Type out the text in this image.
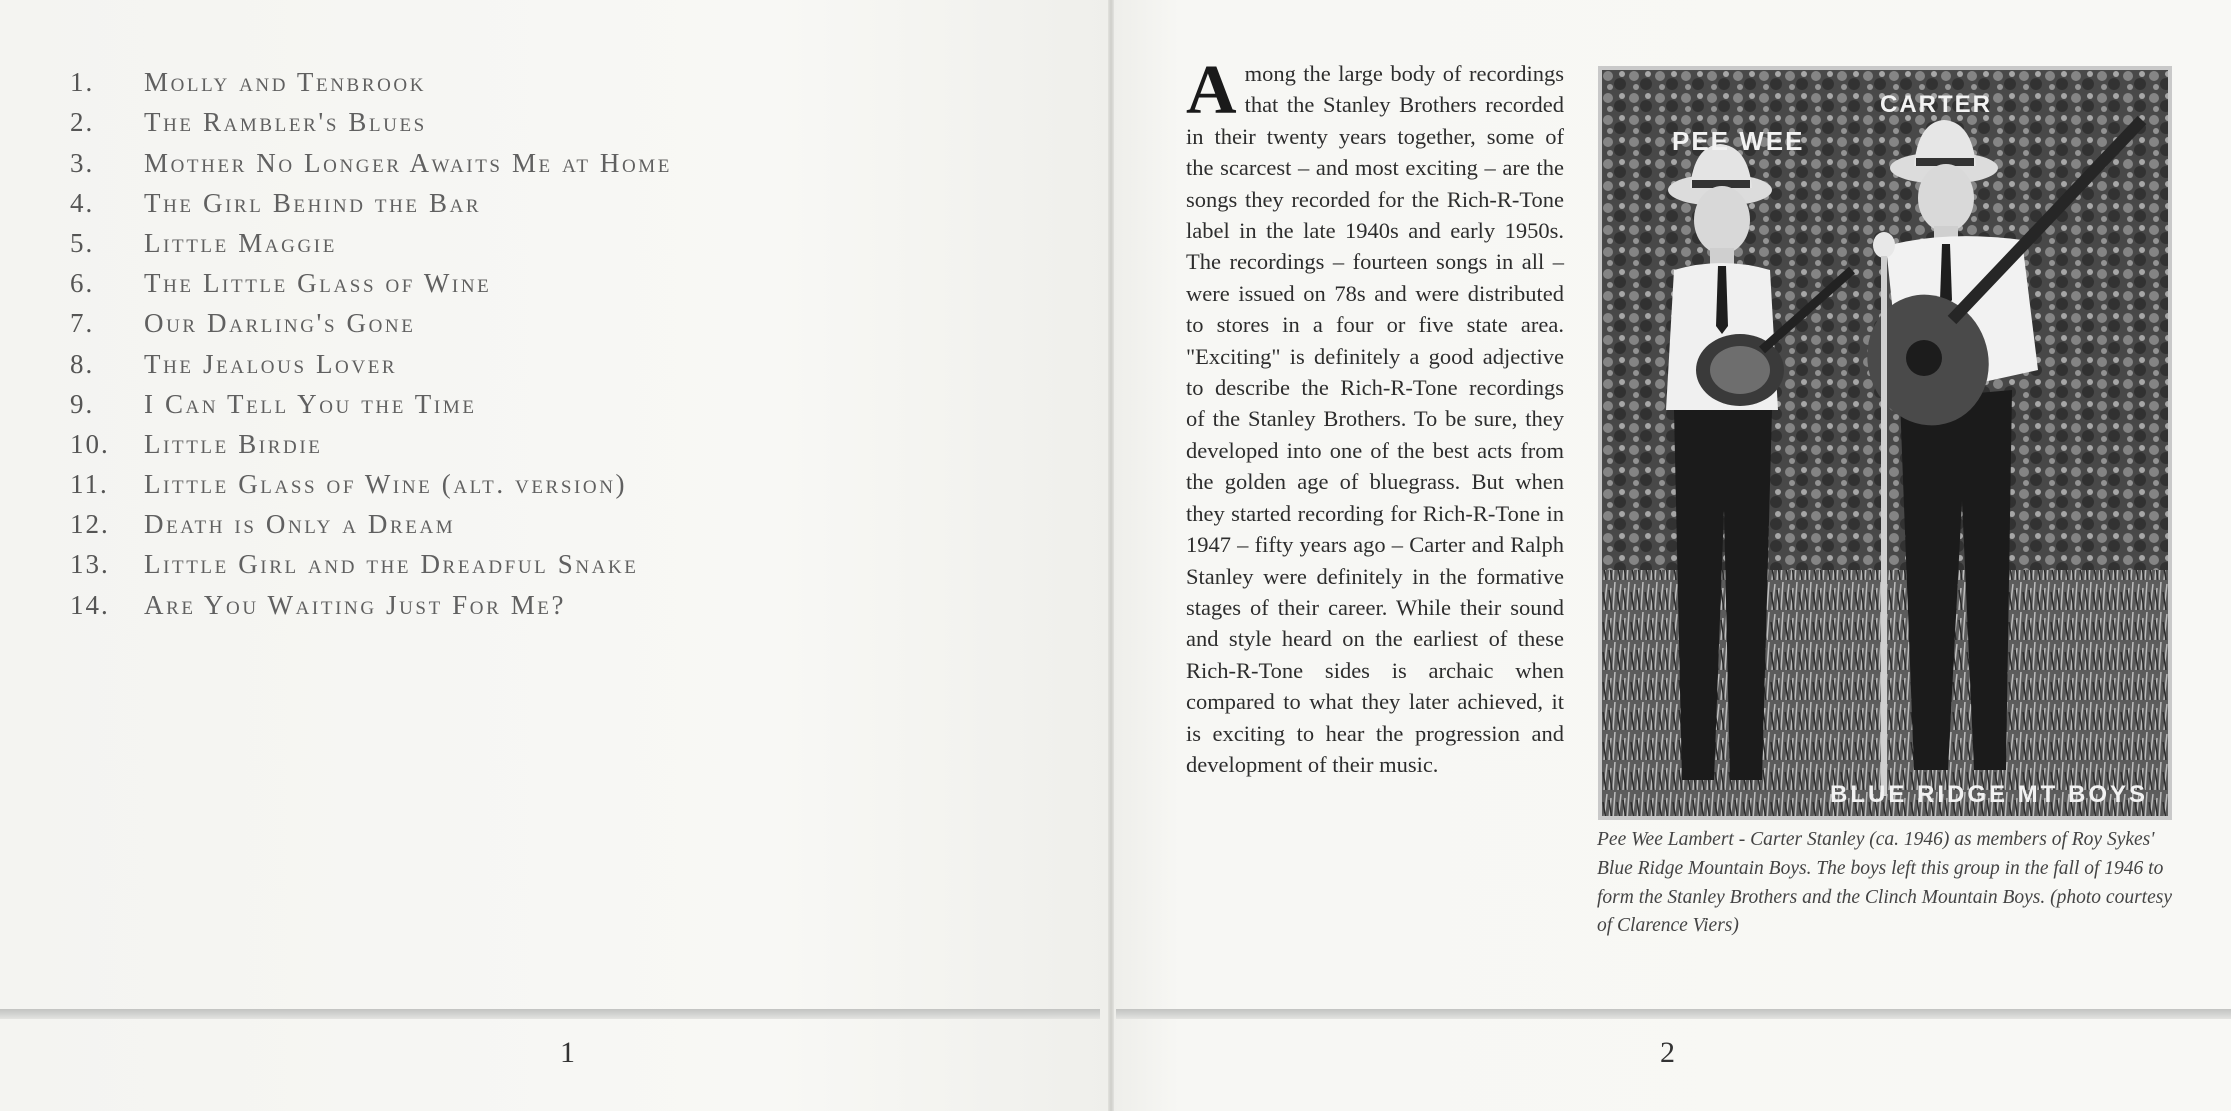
1.	Molly and Tenbrook
2.	The Rambler's Blues
3.	Mother No Longer Awaits Me at Home
4.	The Girl Behind the Bar
5.	Little Maggie
6.	The Little Glass of Wine
7.	Our Darling's Gone
8.	The Jealous Lover
9.	I Can Tell You the Time
10.	Little Birdie
11.	Little Glass of Wine (alt. version)
12.	Death is Only a Dream
13.	Little Girl and the Dreadful Snake
14.	Are You Waiting Just For Me?
1	2

Among the large body of recordings that the Stanley Brothers recorded in their twenty years together, some of the scarcest – and most exciting – are the songs they recorded for the Rich-R-Tone label in the late 1940s and early 1950s. The recordings – fourteen songs in all – were issued on 78s and were distributed to stores in a four or five state area. "Exciting" is definitely a good adjective to describe the Rich-R-Tone recordings of the Stanley Brothers. To be sure, they developed into one of the best acts from the golden age of bluegrass. But when they started recording for Rich-R-Tone in 1947 – fifty years ago – Carter and Ralph Stanley were definitely in the formative stages of their career. While their sound and style heard on the earliest of these Rich-R-Tone sides is archaic when compared to what they later achieved, it is exciting to hear the progression and development of their music.

PEE WEE
CARTER
BLUE RIDGE MT BOYS

Pee Wee Lambert - Carter Stanley (ca. 1946) as members of Roy Sykes' Blue Ridge Mountain Boys. The boys left this group in the fall of 1946 to form the Stanley Brothers and the Clinch Mountain Boys. (photo courtesy of Clarence Viers)
